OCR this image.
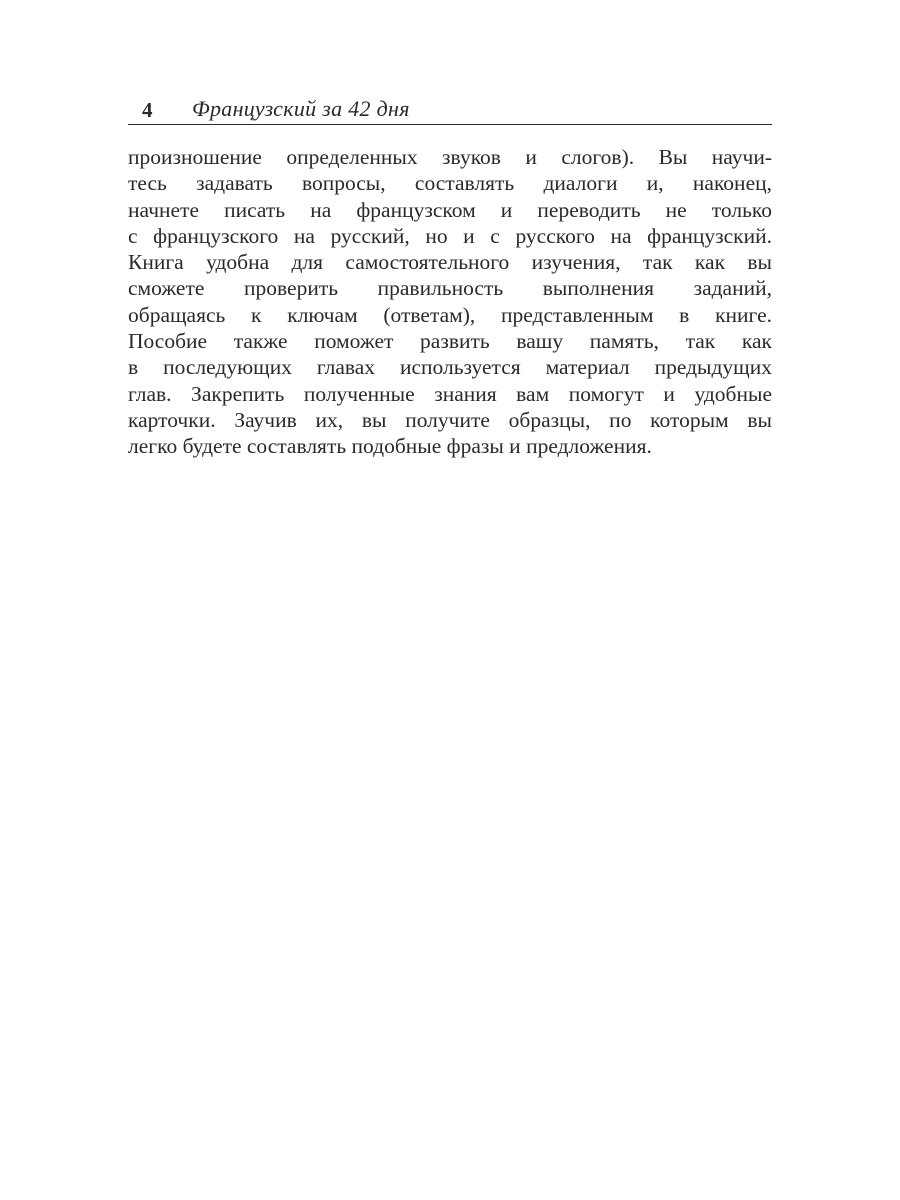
4 Французский за 42 дня
произношение определенных звуков и слогов). Вы научи-
тесь задавать вопросы, составлять диалоги и, наконец,
начнете писать на французском и переводить не только
с французского на русский, но и с русского на французский.
Книга удобна для самостоятельного изучения, так как вы
сможете проверить правильность выполнения заданий,
обращаясь к ключам (ответам), представленным в книге.
Пособие также поможет развить вашу память, так как
в последующих главах используется материал предыдущих
глав. Закрепить полученные знания вам помогут и удобные
карточки. Заучив их, вы получите образцы, по которым вы
легко будете составлять подобные фразы и предложения.
